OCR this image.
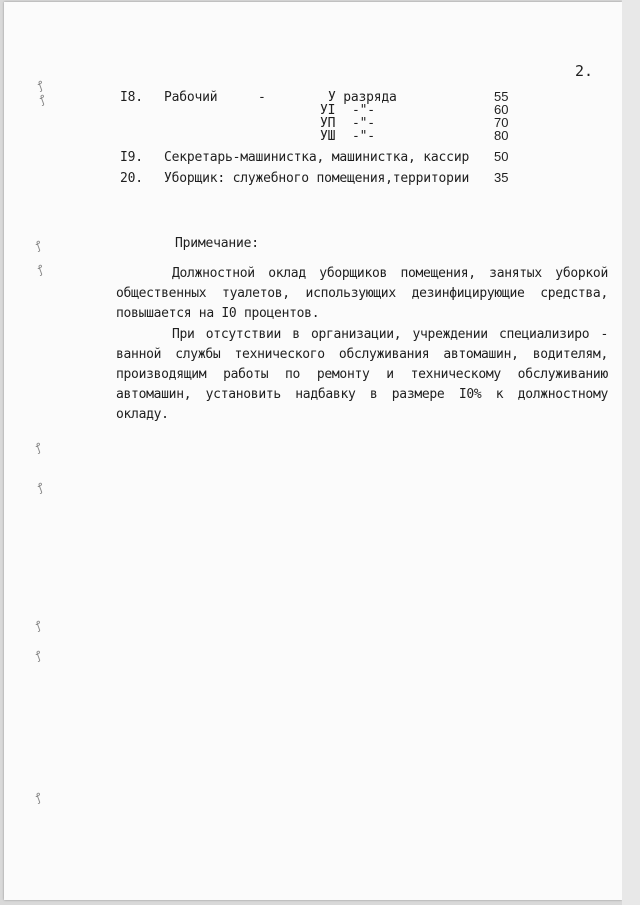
2.
ꝭ
ꝭ
ꝭ
ꝭ
ꝭ
ꝭ
ꝭ
ꝭ
ꝭ
I8. Рабочий	-	У разряда	55
УI -"-	60
УП -"-	70
УШ -"-	80
I9. Секретарь-машинистка, машинистка, кассир 50
20. Уборщик: служебного помещения,территории 35
Примечание:
Должностной оклад уборщиков помещения, занятых уборкой общественных туалетов, использующих дезинфицирующие средства, повышается на I0 процентов.
При отсутствии в организации, учреждении специализиро - ванной службы технического обслуживания автомашин, водителям, производящим работы по ремонту и техническому обслуживанию автомашин, установить надбавку в размере I0% к должностному окладу.
